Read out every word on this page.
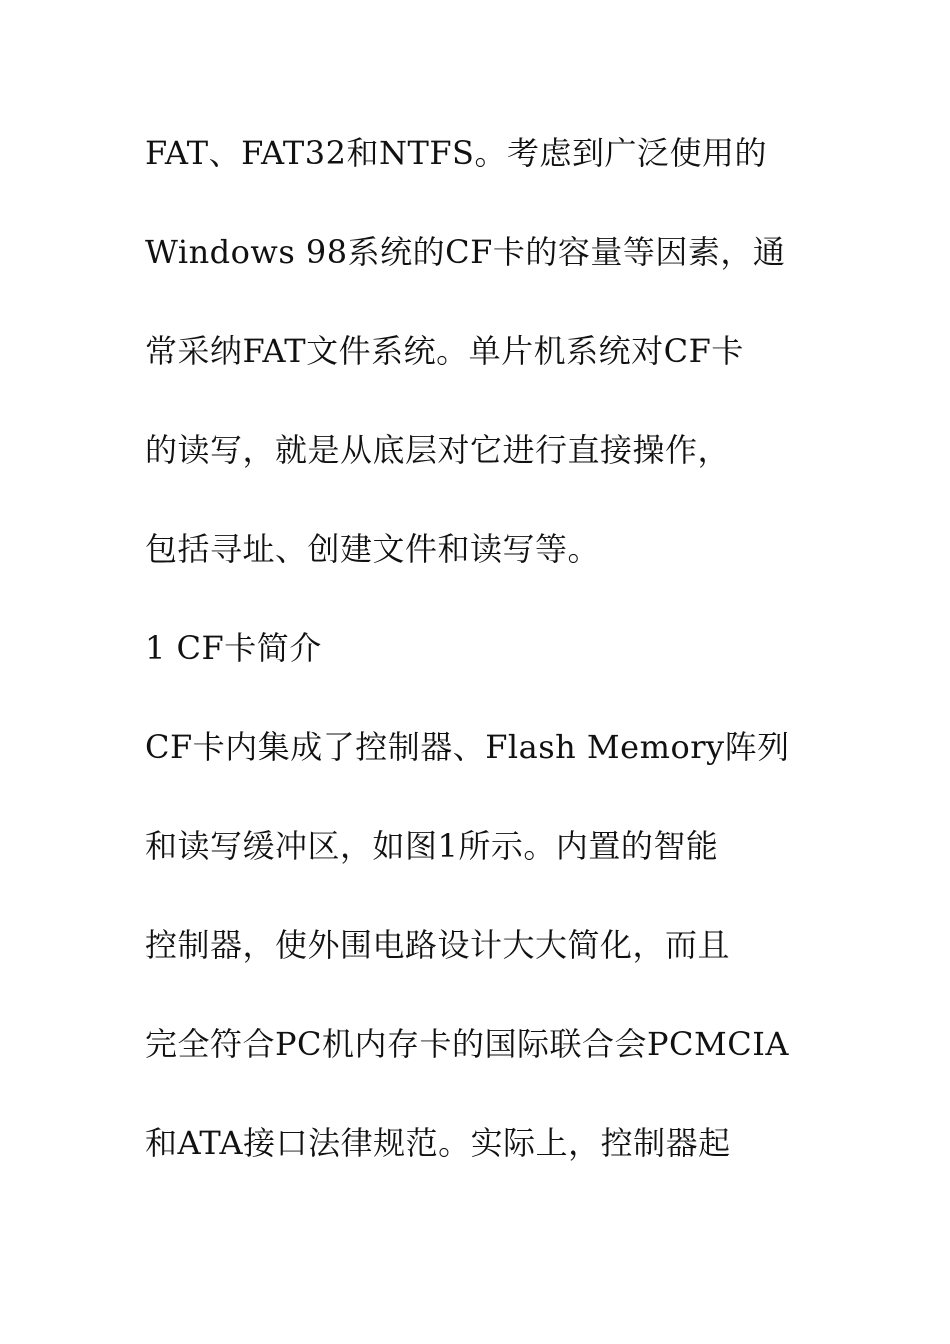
FAT、FAT32和NTFS。考虑到广泛使用的
Windows 98系统的CF卡的容量等因素，通
常采纳FAT文件系统。单片机系统对CF卡
的读写，就是从底层对它进行直接操作，
包括寻址、创建文件和读写等。
1 CF卡简介
CF卡内集成了控制器、Flash Memory阵列
和读写缓冲区，如图1所示。内置的智能
控制器，使外围电路设计大大简化，而且
完全符合PC机内存卡的国际联合会PCMCIA
和ATA接口法律规范。实际上，控制器起
